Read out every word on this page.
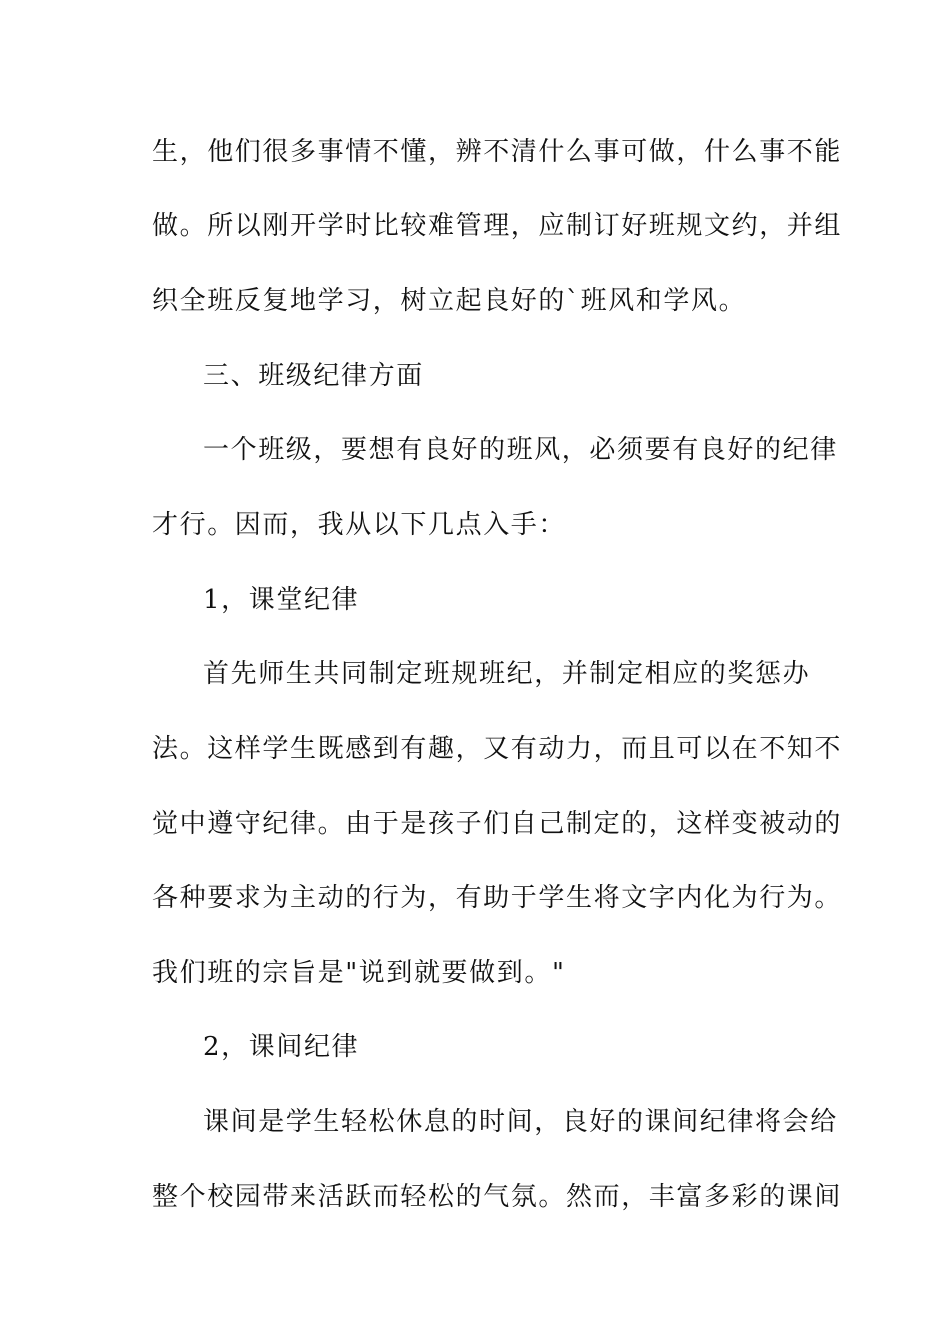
生，他们很多事情不懂，辨不清什么事可做，什么事不能
做。所以刚开学时比较难管理，应制订好班规文约，并组
织全班反复地学习，树立起良好的`班风和学风。
三、班级纪律方面
一个班级，要想有良好的班风，必须要有良好的纪律
才行。因而，我从以下几点入手：
1，课堂纪律
首先师生共同制定班规班纪，并制定相应的奖惩办
法。这样学生既感到有趣，又有动力，而且可以在不知不
觉中遵守纪律。由于是孩子们自己制定的，这样变被动的
各种要求为主动的行为，有助于学生将文字内化为行为。
我们班的宗旨是"说到就要做到。"
2，课间纪律
课间是学生轻松休息的时间，良好的课间纪律将会给
整个校园带来活跃而轻松的气氛。然而，丰富多彩的课间
